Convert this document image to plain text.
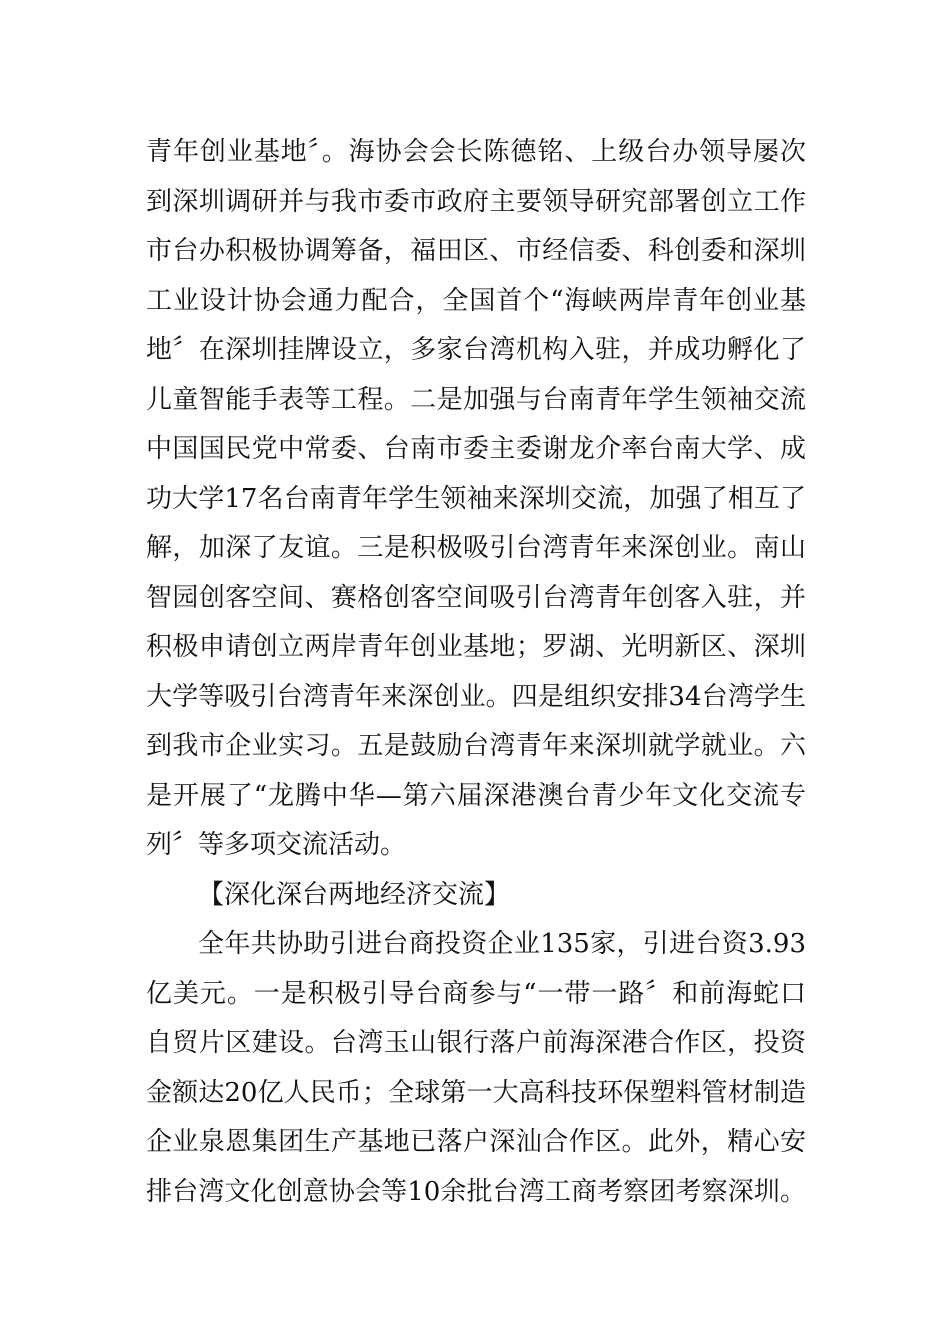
青年创业基地〞。海协会会长陈德铭、上级台办领导屡次
到深圳调研并与我市委市政府主要领导研究部署创立工作
市台办积极协调筹备，福田区、市经信委、科创委和深圳
工业设计协会通力配合，全国首个“海峡两岸青年创业基
地〞在深圳挂牌设立，多家台湾机构入驻，并成功孵化了
儿童智能手表等工程。二是加强与台南青年学生领袖交流
中国国民党中常委、台南市委主委谢龙介率台南大学、成
功大学17名台南青年学生领袖来深圳交流，加强了相互了
解，加深了友谊。三是积极吸引台湾青年来深创业。南山
智园创客空间、赛格创客空间吸引台湾青年创客入驻，并
积极申请创立两岸青年创业基地；罗湖、光明新区、深圳
大学等吸引台湾青年来深创业。四是组织安排34台湾学生
到我市企业实习。五是鼓励台湾青年来深圳就学就业。六
是开展了“龙腾中华—第六届深港澳台青少年文化交流专
列〞等多项交流活动。
【深化深台两地经济交流】
全年共协助引进台商投资企业135家，引进台资3.93
亿美元。一是积极引导台商参与“一带一路〞和前海蛇口
自贸片区建设。台湾玉山银行落户前海深港合作区，投资
金额达20亿人民币；全球第一大高科技环保塑料管材制造
企业泉恩集团生产基地已落户深汕合作区。此外，精心安
排台湾文化创意协会等10余批台湾工商考察团考察深圳。
